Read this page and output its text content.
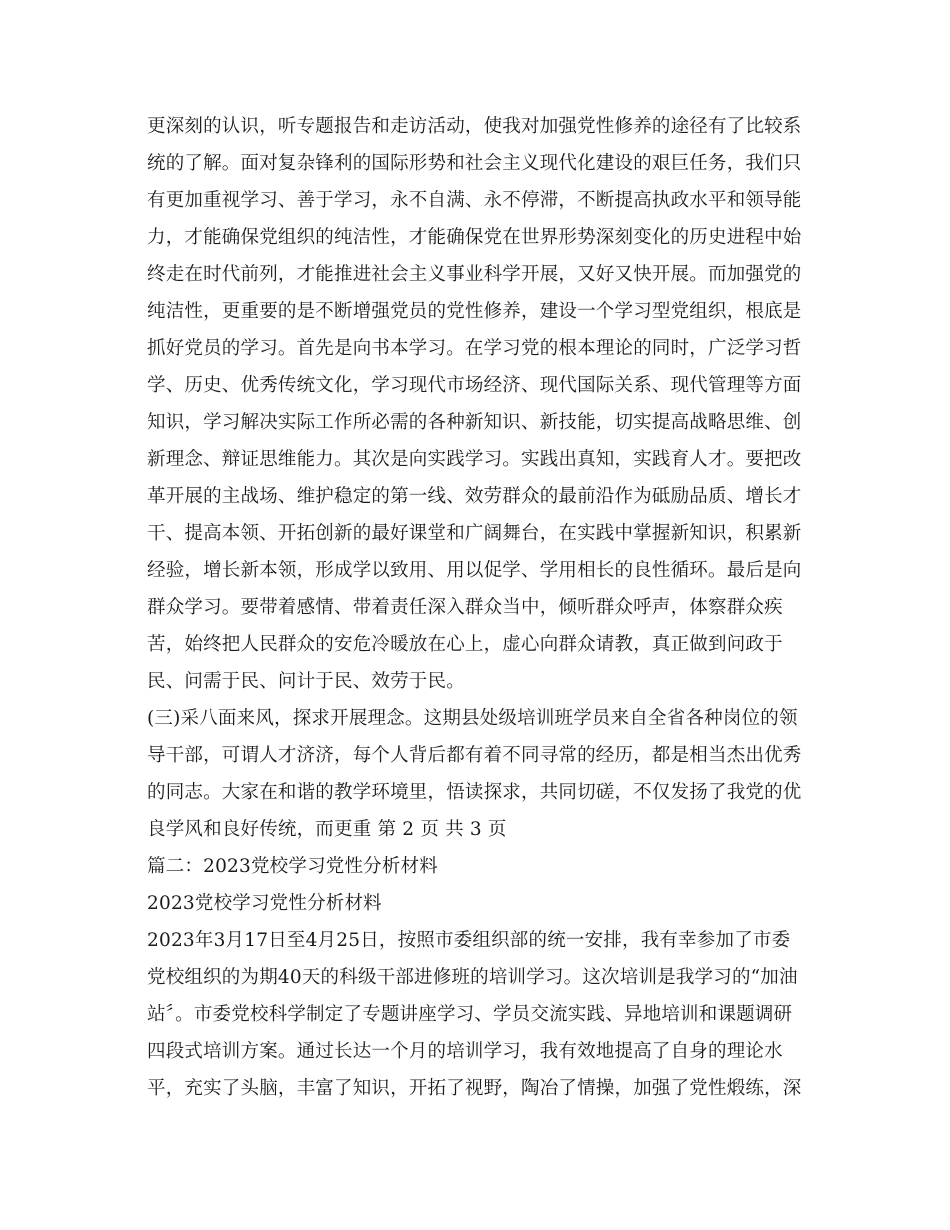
更深刻的认识，听专题报告和走访活动，使我对加强党性修养的途径有了比较系
统的了解。面对复杂锋利的国际形势和社会主义现代化建设的艰巨任务，我们只
有更加重视学习、善于学习，永不自满、永不停滞，不断提高执政水平和领导能
力，才能确保党组织的纯洁性，才能确保党在世界形势深刻变化的历史进程中始
终走在时代前列，才能推进社会主义事业科学开展，又好又快开展。而加强党的
纯洁性，更重要的是不断增强党员的党性修养，建设一个学习型党组织，根底是
抓好党员的学习。首先是向书本学习。在学习党的根本理论的同时，广泛学习哲
学、历史、优秀传统文化，学习现代市场经济、现代国际关系、现代管理等方面
知识，学习解决实际工作所必需的各种新知识、新技能，切实提高战略思维、创
新理念、辩证思维能力。其次是向实践学习。实践出真知，实践育人才。要把改
革开展的主战场、维护稳定的第一线、效劳群众的最前沿作为砥励品质、增长才
干、提高本领、开拓创新的最好课堂和广阔舞台，在实践中掌握新知识，积累新
经验，增长新本领，形成学以致用、用以促学、学用相长的良性循环。最后是向
群众学习。要带着感情、带着责任深入群众当中，倾听群众呼声，体察群众疾
苦，始终把人民群众的安危冷暖放在心上，虚心向群众请教，真正做到问政于
民、问需于民、问计于民、效劳于民。
(三)采八面来风，探求开展理念。这期县处级培训班学员来自全省各种岗位的领
导干部，可谓人才济济，每个人背后都有着不同寻常的经历，都是相当杰出优秀
的同志。大家在和谐的教学环境里，悟读探求，共同切磋，不仅发扬了我党的优
良学风和良好传统，而更重 第 2 页 共 3 页
篇二：2023党校学习党性分析材料
2023党校学习党性分析材料
2023年3月17日至4月25日，按照市委组织部的统一安排，我有幸参加了市委
党校组织的为期40天的科级干部进修班的培训学习。这次培训是我学习的“加油
站〞。市委党校科学制定了专题讲座学习、学员交流实践、异地培训和课题调研
四段式培训方案。通过长达一个月的培训学习，我有效地提高了自身的理论水
平，充实了头脑，丰富了知识，开拓了视野，陶冶了情操，加强了党性煅练，深
